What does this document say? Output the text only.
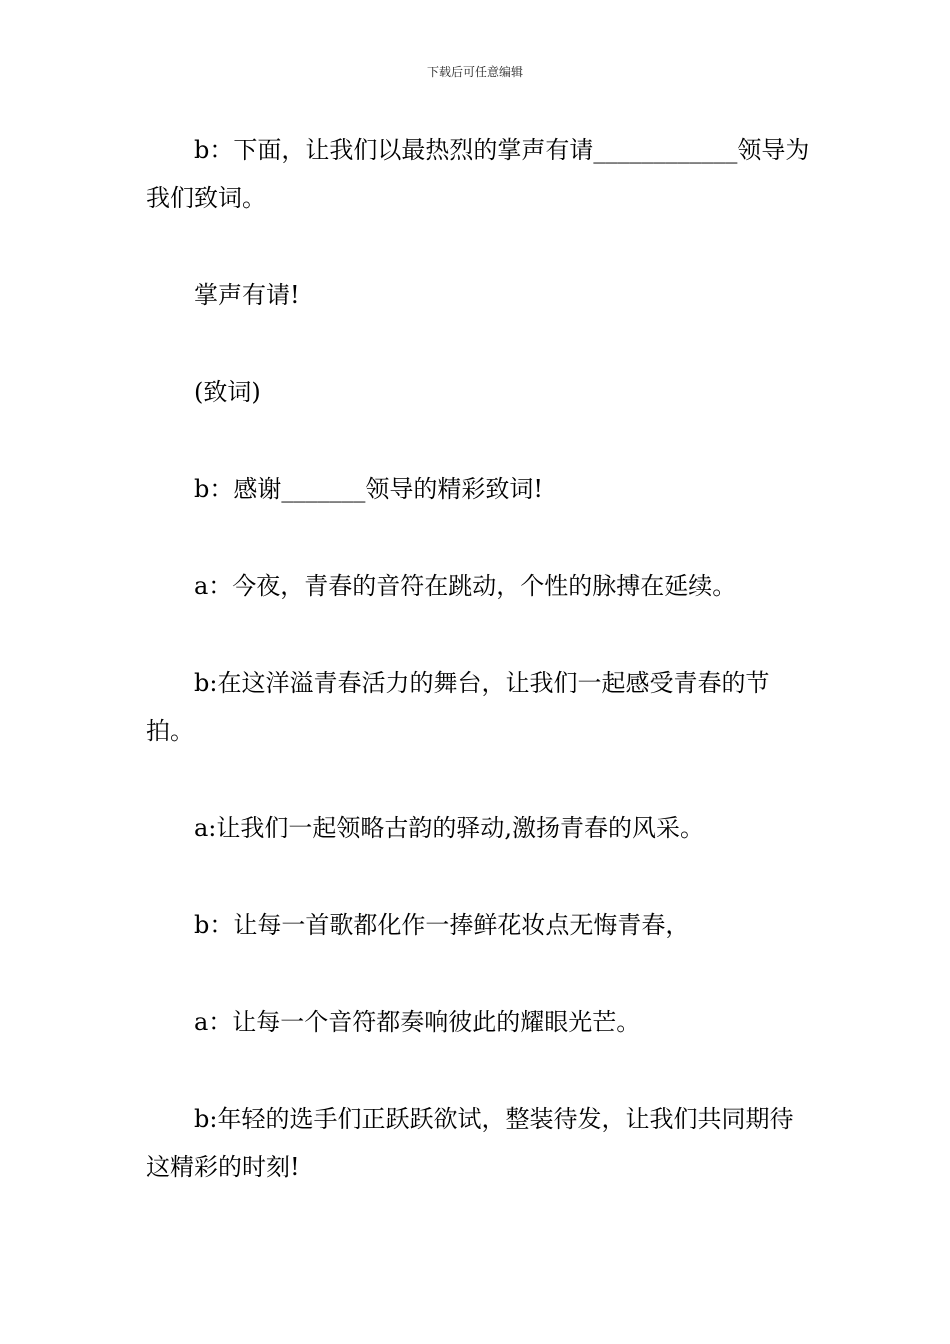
下载后可任意编辑

b：下面，让我们以最热烈的掌声有请____________领导为我们致词。

掌声有请!

(致词)

b：感谢_______领导的精彩致词!

a：今夜，青春的音符在跳动，个性的脉搏在延续。

b:在这洋溢青春活力的舞台，让我们一起感受青春的节拍。

a:让我们一起领略古韵的驿动,激扬青春的风采。

b：让每一首歌都化作一捧鲜花妆点无悔青春，

a：让每一个音符都奏响彼此的耀眼光芒。

b:年轻的选手们正跃跃欲试，整装待发，让我们共同期待这精彩的时刻!
